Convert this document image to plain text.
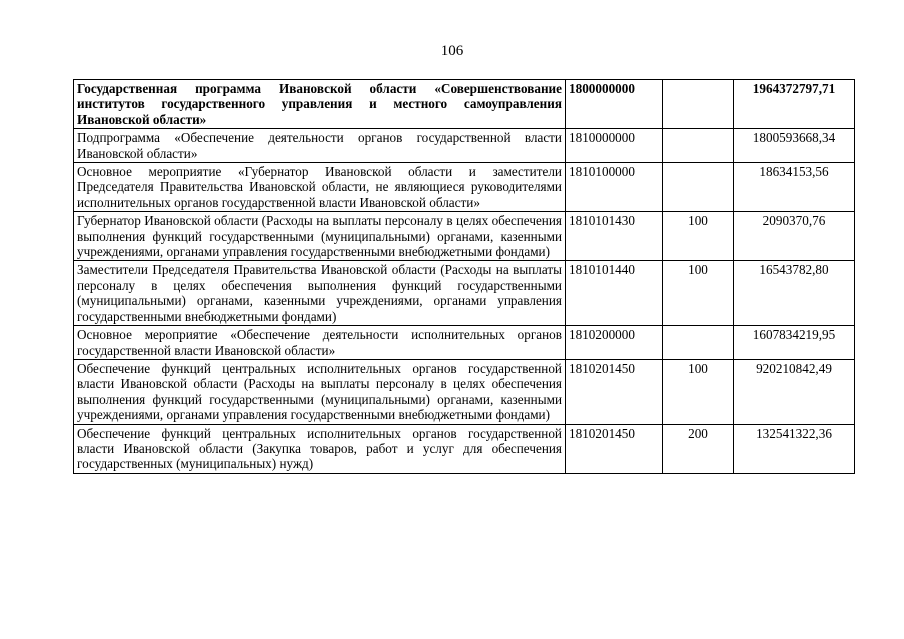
106
Государственная программа Ивановской области «Совершенствование институтов государственного управления и местного самоуправления Ивановской области»	1800000000		1964372797,71
Подпрограмма «Обеспечение деятельности органов государственной власти Ивановской области»	1810000000		1800593668,34
Основное мероприятие «Губернатор Ивановской области и заместители Председателя Правительства Ивановской области, не являющиеся руководителями исполнительных органов государственной власти Ивановской области»	1810100000		18634153,56
Губернатор Ивановской области (Расходы на выплаты персоналу в целях обеспечения выполнения функций государственными (муниципальными) органами, казенными учреждениями, органами управления государственными внебюджетными фондами)	1810101430	100	2090370,76
Заместители Председателя Правительства Ивановской области (Расходы на выплаты персоналу в целях обеспечения выполнения функций государственными (муниципальными) органами, казенными учреждениями, органами управления государственными внебюджетными фондами)	1810101440	100	16543782,80
Основное мероприятие «Обеспечение деятельности исполнительных органов государственной власти Ивановской области»	1810200000		1607834219,95
Обеспечение функций центральных исполнительных органов государственной власти Ивановской области (Расходы на выплаты персоналу в целях обеспечения выполнения функций государственными (муниципальными) органами, казенными учреждениями, органами управления государственными внебюджетными фондами)	1810201450	100	920210842,49
Обеспечение функций центральных исполнительных органов государственной власти Ивановской области (Закупка товаров, работ и услуг для обеспечения государственных (муниципальных) нужд)	1810201450	200	132541322,36
